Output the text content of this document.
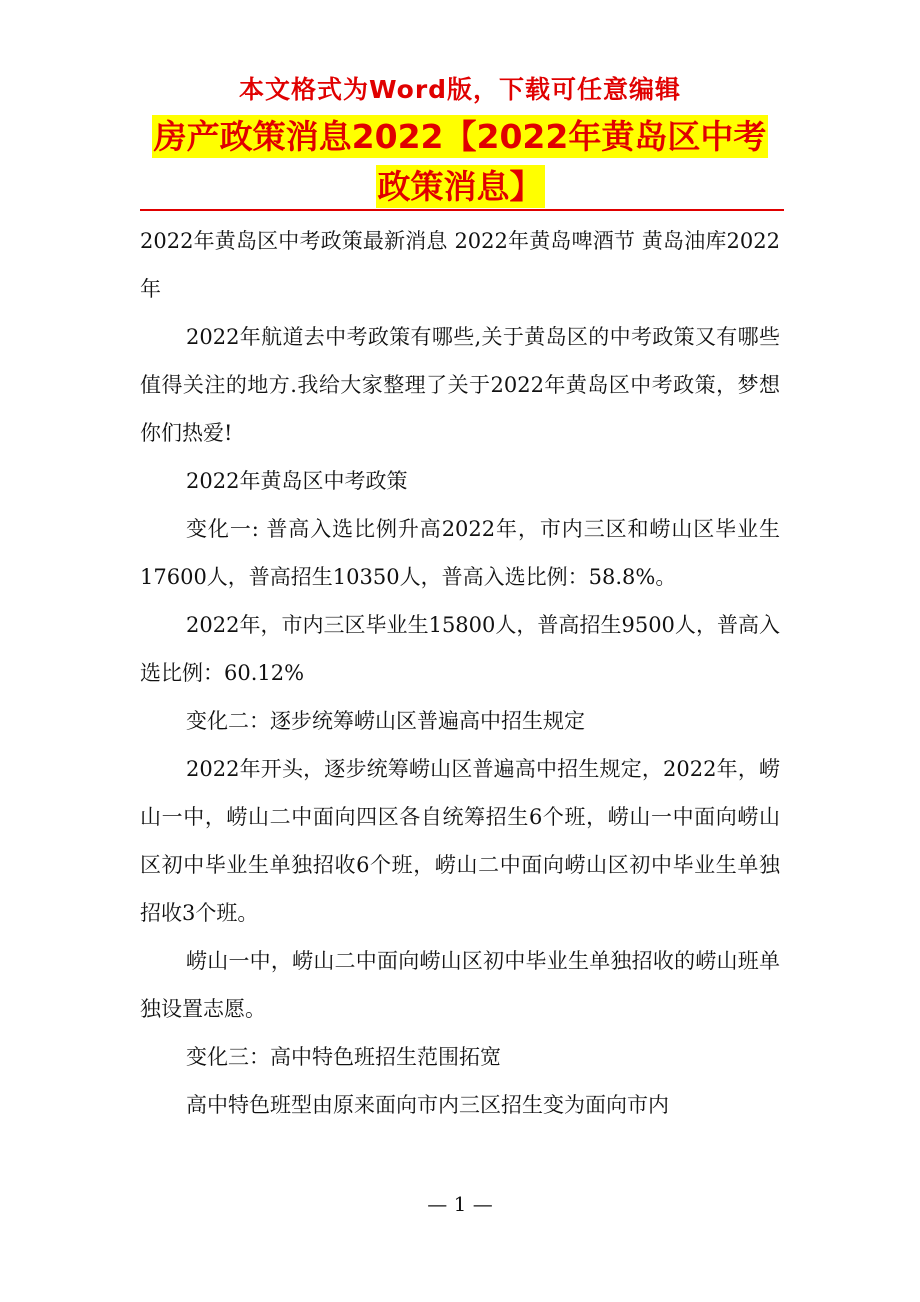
本文格式为Word版，下载可任意编辑
房产政策消息2022【2022年黄岛区中考政策消息】

2022年黄岛区中考政策最新消息 2022年黄岛啤酒节 黄岛油库2022年

2022年航道去中考政策有哪些,关于黄岛区的中考政策又有哪些值得关注的地方.我给大家整理了关于2022年黄岛区中考政策，梦想你们热爱!

2022年黄岛区中考政策

变化一: 普高入选比例升高2022年，市内三区和崂山区毕业生17600人，普高招生10350人，普高入选比例：58.8%。

2022年，市内三区毕业生15800人，普高招生9500人，普高入选比例：60.12%

变化二：逐步统筹崂山区普遍高中招生规定

2022年开头，逐步统筹崂山区普遍高中招生规定，2022年，崂山一中，崂山二中面向四区各自统筹招生6个班，崂山一中面向崂山区初中毕业生单独招收6个班，崂山二中面向崂山区初中毕业生单独招收3个班。

崂山一中，崂山二中面向崂山区初中毕业生单独招收的崂山班单独设置志愿。

变化三：高中特色班招生范围拓宽

高中特色班型由原来面向市内三区招生变为面向市内

— 1 —
